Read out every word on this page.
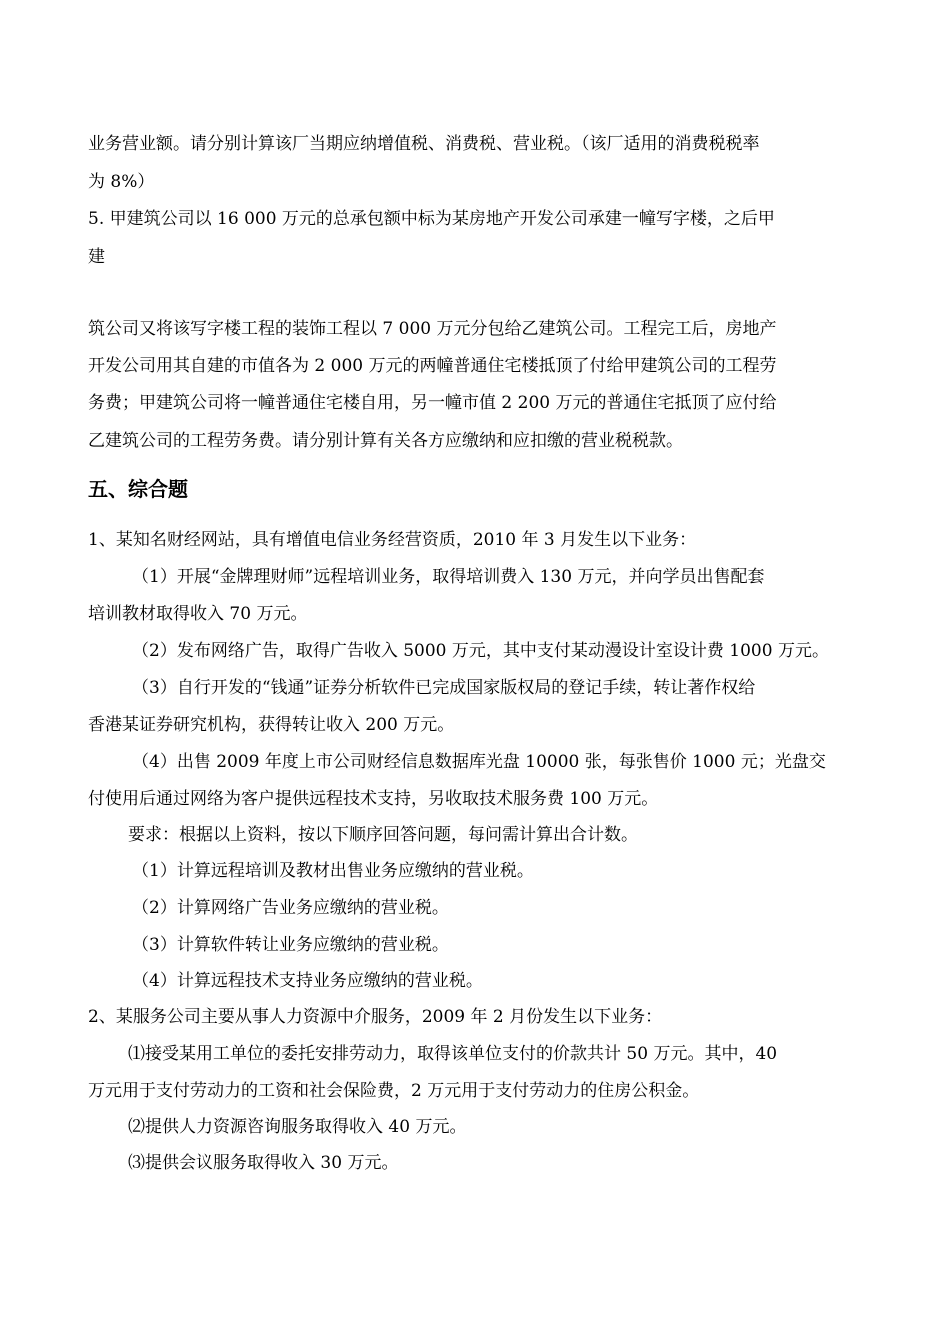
业务营业额。请分别计算该厂当期应纳增值税、消费税、营业税。（该厂适用的消费税税率
为 8%）
5. 甲建筑公司以 16 000 万元的总承包额中标为某房地产开发公司承建一幢写字楼，之后甲
建
筑公司又将该写字楼工程的装饰工程以 7 000 万元分包给乙建筑公司。工程完工后，房地产
开发公司用其自建的市值各为 2 000 万元的两幢普通住宅楼抵顶了付给甲建筑公司的工程劳
务费；甲建筑公司将一幢普通住宅楼自用，另一幢市值 2 200 万元的普通住宅抵顶了应付给
乙建筑公司的工程劳务费。请分别计算有关各方应缴纳和应扣缴的营业税税款。
五、综合题
1、某知名财经网站，具有增值电信业务经营资质，2010 年 3 月发生以下业务：
（1）开展“金牌理财师”远程培训业务，取得培训费入 130 万元，并向学员出售配套
培训教材取得收入 70 万元。
（2）发布网络广告，取得广告收入 5000 万元，其中支付某动漫设计室设计费 1000 万元。
（3）自行开发的“钱通”证券分析软件已完成国家版权局的登记手续，转让著作权给
香港某证券研究机构，获得转让收入 200 万元。
（4）出售 2009 年度上市公司财经信息数据库光盘 10000 张，每张售价 1000 元；光盘交
付使用后通过网络为客户提供远程技术支持，另收取技术服务费 100 万元。
要求：根据以上资料，按以下顺序回答问题，每问需计算出合计数。
（1）计算远程培训及教材出售业务应缴纳的营业税。
（2）计算网络广告业务应缴纳的营业税。
（3）计算软件转让业务应缴纳的营业税。
（4）计算远程技术支持业务应缴纳的营业税。
2、某服务公司主要从事人力资源中介服务，2009 年 2 月份发生以下业务：
⑴接受某用工单位的委托安排劳动力，取得该单位支付的价款共计 50 万元。其中，40
万元用于支付劳动力的工资和社会保险费，2 万元用于支付劳动力的住房公积金。
⑵提供人力资源咨询服务取得收入 40 万元。
⑶提供会议服务取得收入 30 万元。
